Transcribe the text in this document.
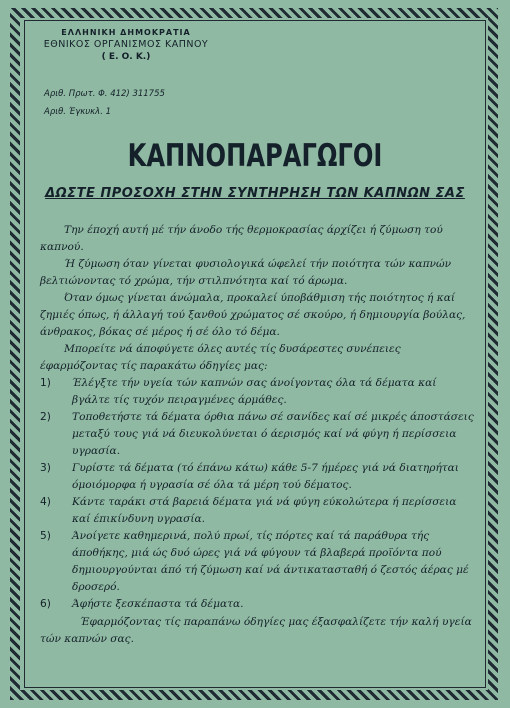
ΕΛΛΗΝΙΚΗ ΔΗΜΟΚΡΑΤΙΑ
ΕΘΝΙΚΟΣ ΟΡΓΑΝΙΣΜΟΣ ΚΑΠΝΟΥ
( Ε. Ο. Κ.)
Αριθ. Πρωτ. Φ. 412) 311755
Αριθ. Έγκυκλ. 1
ΚΑΠΝΟΠΑΡΑΓΩΓΟΙ
ΔΩΣΤΕ ΠΡΟΣΟΧΗ ΣΤΗΝ ΣΥΝΤΗΡΗΣΗ ΤΩΝ ΚΑΠΝΩΝ ΣΑΣ

Την έποχή αυτή μέ τήν άνοδο τής θερμοκρασίας άρχίζει ή ζύμωση τού καπνού.

Ή ζύμωση όταν γίνεται φυσιολογικά ώφελεί τήν ποιότητα τών καπνών βελτιώνοντας τό χρώμα, τήν στιλπνότητα καί τό άρωμα.

Όταν όμως γίνεται άνώμαλα, προκαλεί ύποβάθμιση τής ποιότητος ή καί ζημιές όπως, ή άλλαγή τού ξανθού χρώματος σέ σκούρο, ή δημιουργία βούλας, άνθρακος, βόκας σέ μέρος ή σέ όλο τό δέμα.

Μπορείτε νά άποφύγετε όλες αυτές τίς δυσάρεστες συνέπειες έφαρμόζοντας τίς παρακάτω όδηγίες μας:

1)	Έλέγξτε τήν υγεία τών καπνών σας άνοίγοντας όλα τά δέματα καί βγάλτε τίς τυχόν πειραγμένες άρμάθες.
2)	Τοποθετήστε τά δέματα όρθια πάνω σέ σανίδες καί σέ μικρές άποστάσεις μεταξύ τους γιά νά διευκολύνεται ό άερισμός καί νά φύγη ή περίσσεια υγρασία.
3)	Γυρίστε τά δέματα (τό έπάνω κάτω) κάθε 5-7 ήμέρες γιά νά διατηρήται όμοιόμορφα ή υγρασία σέ όλα τά μέρη τού δέματος.
4)	Κάντε ταράκι στά βαρειά δέματα γιά νά φύγη εύκολώτερα ή περίσσεια καί έπικίνδυνη υγρασία.
5)	Άνοίγετε καθημερινά, πολύ πρωί, τίς πόρτες καί τά παράθυρα τής άποθήκης, μιά ώς δυό ώρες γιά νά φύγουν τά βλαβερά προϊόντα πού δημιουργούνται άπό τή ζύμωση καί νά άντικατασταθή ό ζεστός άέρας μέ δροσερό.
6)	Άφήστε ξεσκέπαστα τά δέματα.

Έφαρμόζοντας τίς παραπάνω όδηγίες μας έξασφαλίζετε τήν καλή υγεία τών καπνών σας.
